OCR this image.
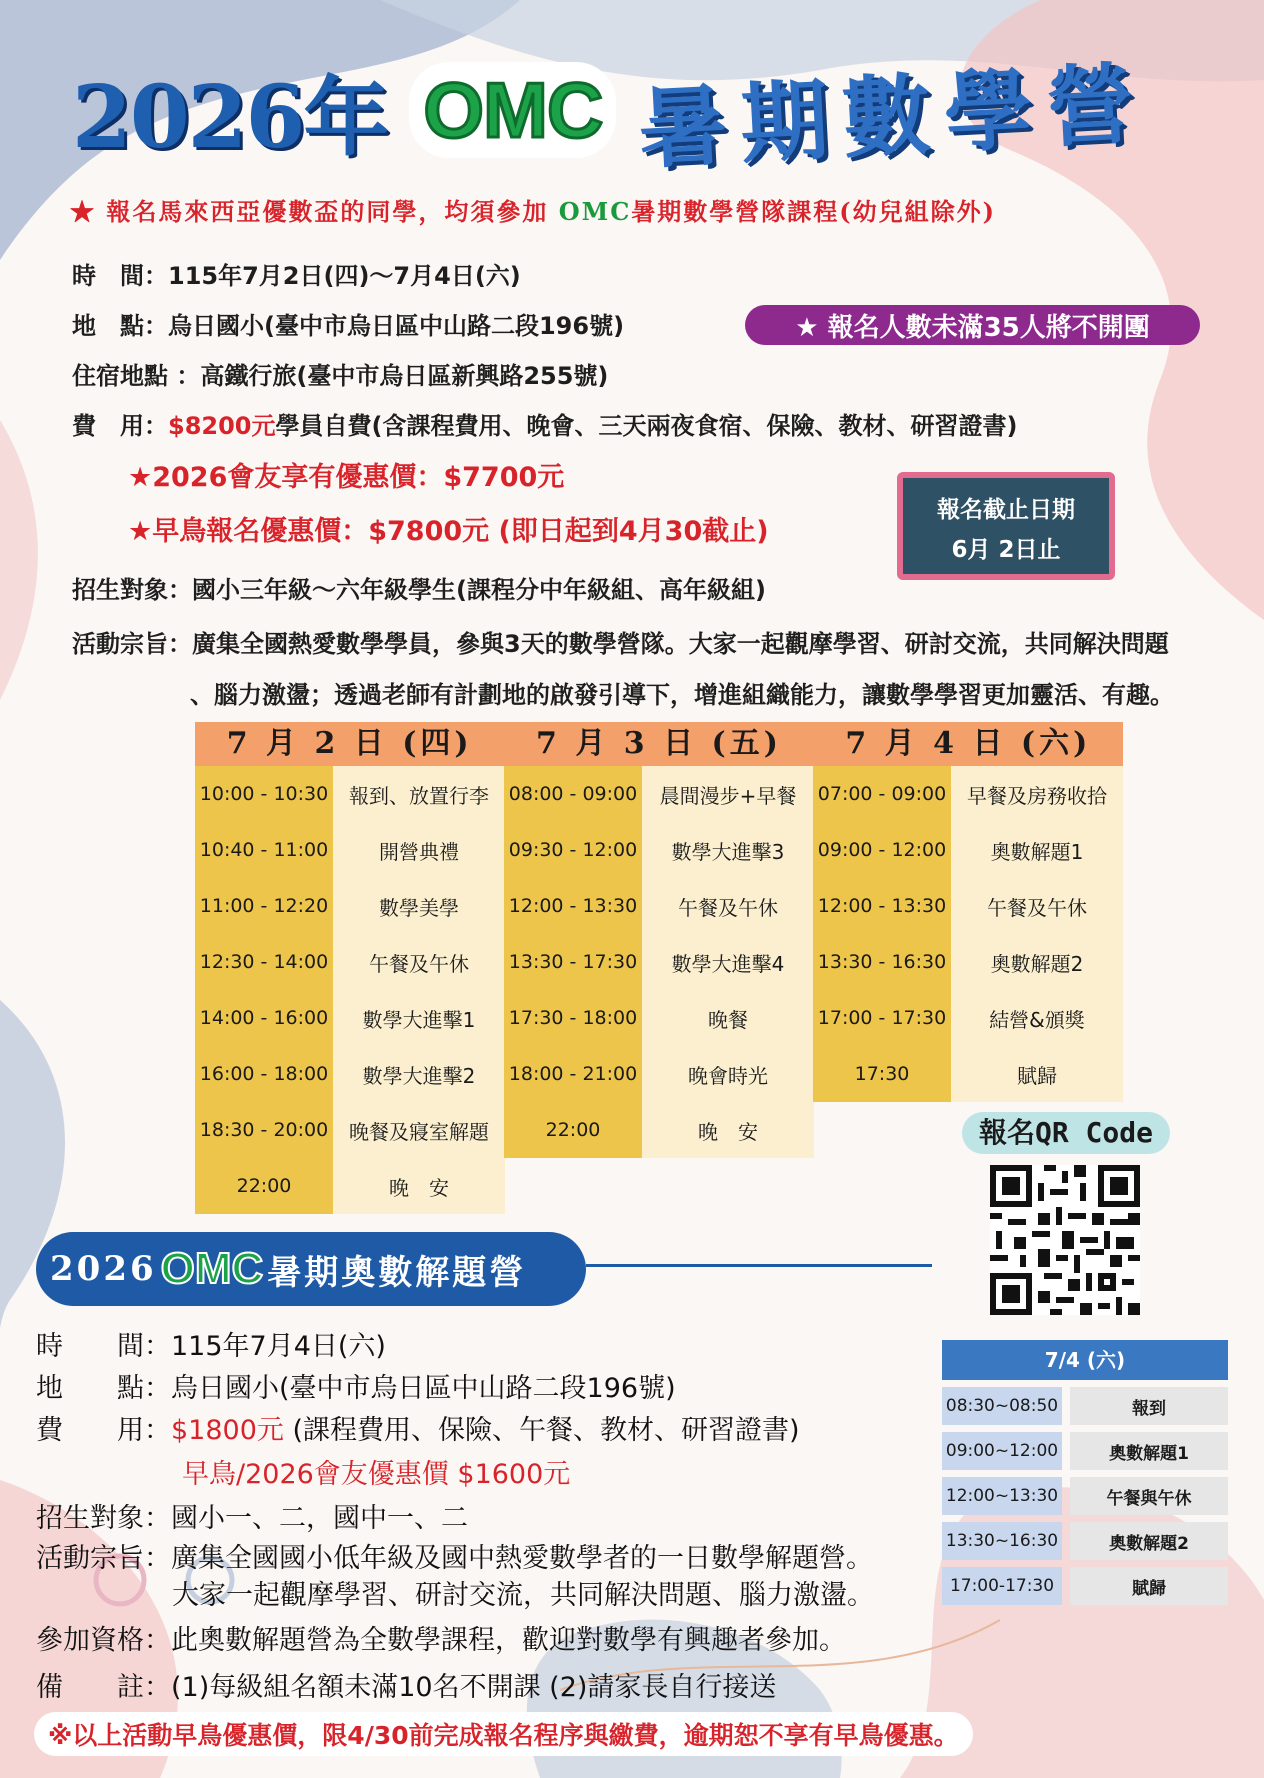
2026年 OMC 暑期數學營
★ 報名馬來西亞優數盃的同學，均須參加 OMC暑期數學營隊課程(幼兒組除外)
時　間：115年7月2日(四)～7月4日(六)
地　點：烏日國小(臺中市烏日區中山路二段196號)
住宿地點 ：高鐵行旅(臺中市烏日區新興路255號)
費　用：$8200元學員自費(含課程費用、晚會、三天兩夜食宿、保險、教材、研習證書)
★2026會友享有優惠價：$7700元
★早鳥報名優惠價：$7800元 (即日起到4月30截止)
招生對象：國小三年級～六年級學生(課程分中年級組、高年級組)
活動宗旨：廣集全國熱愛數學學員，參與3天的數學營隊。大家一起觀摩學習、研討交流，共同解決問題
、腦力激盪；透過老師有計劃地的啟發引導下，增進組織能力，讓數學學習更加靈活、有趣。
★ 報名人數未滿35人將不開團
報名截止日期
6月 2日止
7 月 2 日 (四)	7 月 3 日 (五)	7 月 4 日 (六)
10:00 - 10:30	報到、放置行李
10:40 - 11:00	開營典禮
11:00 - 12:20	數學美學
12:30 - 14:00	午餐及午休
14:00 - 16:00	數學大進擊1
16:00 - 18:00	數學大進擊2
18:30 - 20:00	晚餐及寢室解題
22:00	晚　安
08:00 - 09:00	晨間漫步+早餐
09:30 - 12:00	數學大進擊3
12:00 - 13:30	午餐及午休
13:30 - 17:30	數學大進擊4
17:30 - 18:00	晚餐
18:00 - 21:00	晚會時光
22:00	晚　安
07:00 - 09:00	早餐及房務收拾
09:00 - 12:00	奧數解題1
12:00 - 13:30	午餐及午休
13:30 - 16:30	奧數解題2
17:00 - 17:30	結營&頒獎
17:30	賦歸
報名QR Code
2026 OMC 暑期奧數解題營
時　　間：115年7月4日(六)
地　　點：烏日國小(臺中市烏日區中山路二段196號)
費　　用：$1800元 (課程費用、保險、午餐、教材、研習證書)
早鳥/2026會友優惠價 $1600元
招生對象：國小一、二，國中一、二
活動宗旨：廣集全國國小低年級及國中熱愛數學者的一日數學解題營。
大家一起觀摩學習、研討交流，共同解決問題、腦力激盪。
參加資格：此奧數解題營為全數學課程，歡迎對數學有興趣者參加。
備　　註：(1)每級組名額未滿10名不開課 (2)請家長自行接送
7/4 (六)
08:30~08:50	報到
09:00~12:00	奧數解題1
12:00~13:30	午餐與午休
13:30~16:30	奧數解題2
17:00-17:30	賦歸
※以上活動早鳥優惠價，限4/30前完成報名程序與繳費，逾期恕不享有早鳥優惠。
